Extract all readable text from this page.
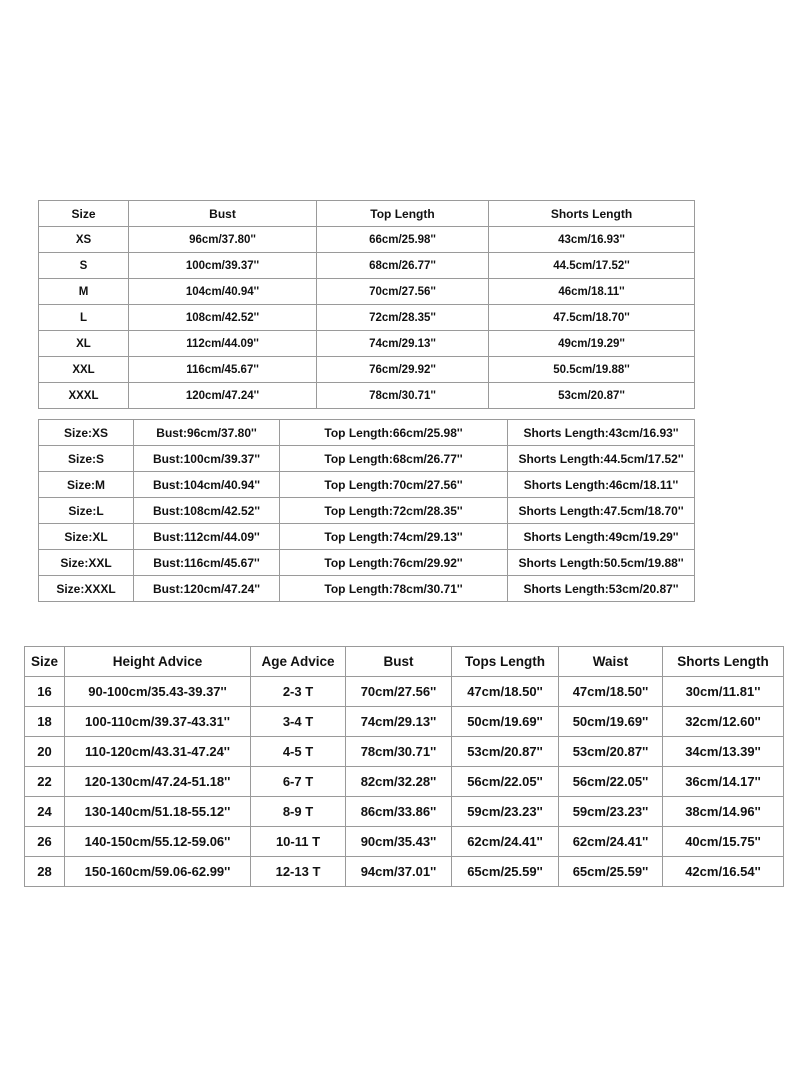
Size	Bust	Top Length	Shorts Length
XS	96cm/37.80''	66cm/25.98''	43cm/16.93''
S	100cm/39.37''	68cm/26.77''	44.5cm/17.52''
M	104cm/40.94''	70cm/27.56''	46cm/18.11''
L	108cm/42.52''	72cm/28.35''	47.5cm/18.70''
XL	112cm/44.09''	74cm/29.13''	49cm/19.29''
XXL	116cm/45.67''	76cm/29.92''	50.5cm/19.88''
XXXL	120cm/47.24''	78cm/30.71''	53cm/20.87''
Size:XS	Bust:96cm/37.80''	Top Length:66cm/25.98''	Shorts Length:43cm/16.93''
Size:S	Bust:100cm/39.37''	Top Length:68cm/26.77''	Shorts Length:44.5cm/17.52''
Size:M	Bust:104cm/40.94''	Top Length:70cm/27.56''	Shorts Length:46cm/18.11''
Size:L	Bust:108cm/42.52''	Top Length:72cm/28.35''	Shorts Length:47.5cm/18.70''
Size:XL	Bust:112cm/44.09''	Top Length:74cm/29.13''	Shorts Length:49cm/19.29''
Size:XXL	Bust:116cm/45.67''	Top Length:76cm/29.92''	Shorts Length:50.5cm/19.88''
Size:XXXL	Bust:120cm/47.24''	Top Length:78cm/30.71''	Shorts Length:53cm/20.87''
Size	Height Advice	Age Advice	Bust	Tops Length	Waist	Shorts Length
16	90-100cm/35.43-39.37''	2-3 T	70cm/27.56''	47cm/18.50''	47cm/18.50''	30cm/11.81''
18	100-110cm/39.37-43.31''	3-4 T	74cm/29.13''	50cm/19.69''	50cm/19.69''	32cm/12.60''
20	110-120cm/43.31-47.24''	4-5 T	78cm/30.71''	53cm/20.87''	53cm/20.87''	34cm/13.39''
22	120-130cm/47.24-51.18''	6-7 T	82cm/32.28''	56cm/22.05''	56cm/22.05''	36cm/14.17''
24	130-140cm/51.18-55.12''	8-9 T	86cm/33.86''	59cm/23.23''	59cm/23.23''	38cm/14.96''
26	140-150cm/55.12-59.06''	10-11 T	90cm/35.43''	62cm/24.41''	62cm/24.41''	40cm/15.75''
28	150-160cm/59.06-62.99''	12-13 T	94cm/37.01''	65cm/25.59''	65cm/25.59''	42cm/16.54''
